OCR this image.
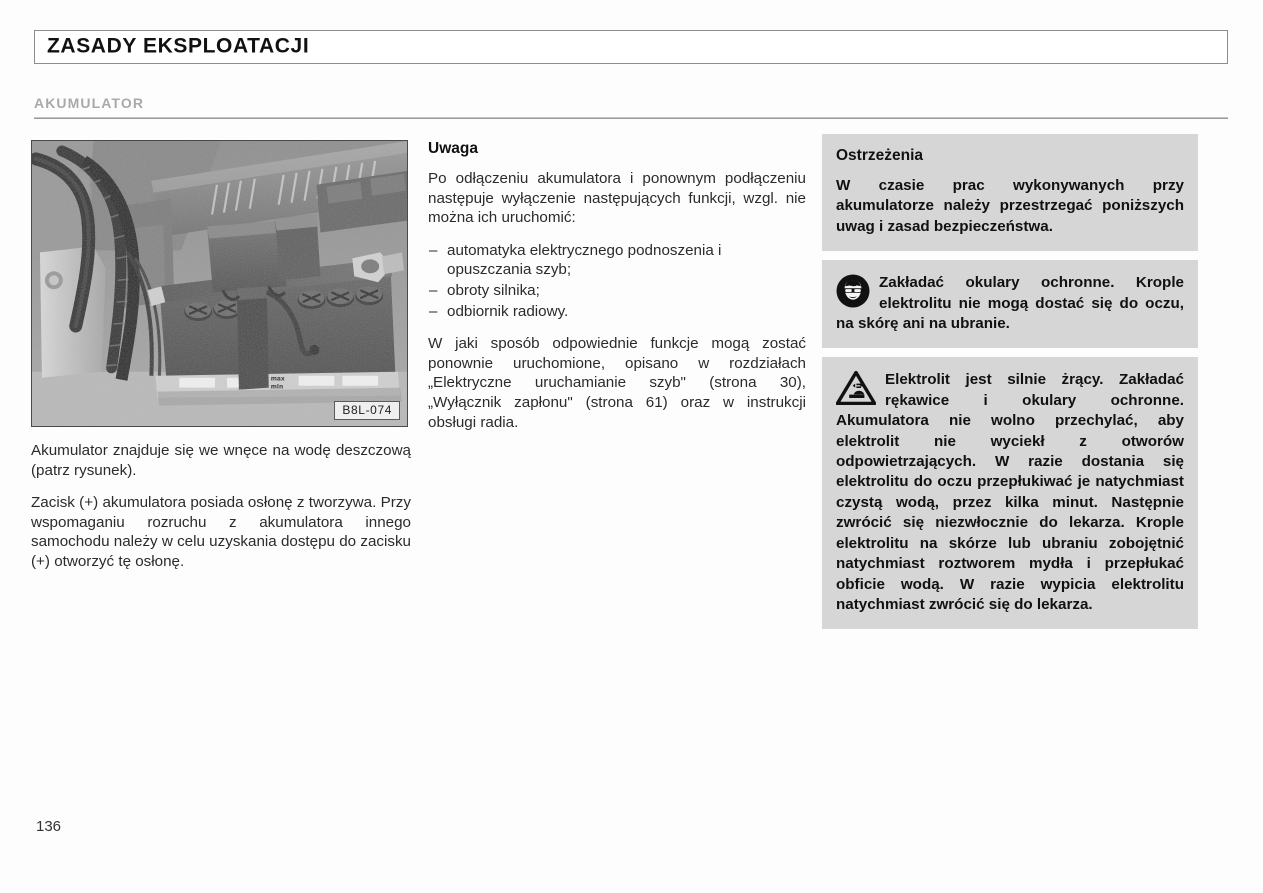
ZASADY EKSPLOATACJI
AKUMULATOR
max
min
B8L-074

Akumulator znajduje się we wnęce na wodę deszczową (patrz rysunek).

Zacisk (+) akumulatora posiada osłonę z tworzywa. Przy wspomaganiu rozruchu z akumulatora innego samochodu należy w celu uzyskania dostępu do zacisku (+) otworzyć tę osłonę.

Uwaga

Po odłączeniu akumulatora i ponownym podłączeniu następuje wyłączenie następujących funkcji, wzgl. nie można ich uruchomić:

– automatyka elektrycznego podnoszenia i opuszczania szyb;
– obroty silnika;
– odbiornik radiowy.

W jaki sposób odpowiednie funkcje mogą zostać ponownie uruchomione, opisano w rozdziałach „Elektryczne uruchamianie szyb" (strona 30), „Wyłącznik zapłonu" (strona 61) oraz w instrukcji obsługi radia.

Ostrzeżenia

W czasie prac wykonywanych przy akumulatorze należy przestrzegać poniższych uwag i zasad bezpieczeństwa.

Zakładać okulary ochronne. Krople elektrolitu nie mogą dostać się do oczu, na skórę ani na ubranie.

Elektrolit jest silnie żrący. Zakładać rękawice i okulary ochronne. Akumulatora nie wolno przechylać, aby elektrolit nie wyciekł z otworów odpowietrzających. W razie dostania się elektrolitu do oczu przepłukiwać je natychmiast czystą wodą, przez kilka minut. Następnie zwrócić się niezwłocznie do lekarza. Krople elektrolitu na skórze lub ubraniu zobojętnić natychmiast roztworem mydła i przepłukać obficie wodą. W razie wypicia elektrolitu natychmiast zwrócić się do lekarza.

136
